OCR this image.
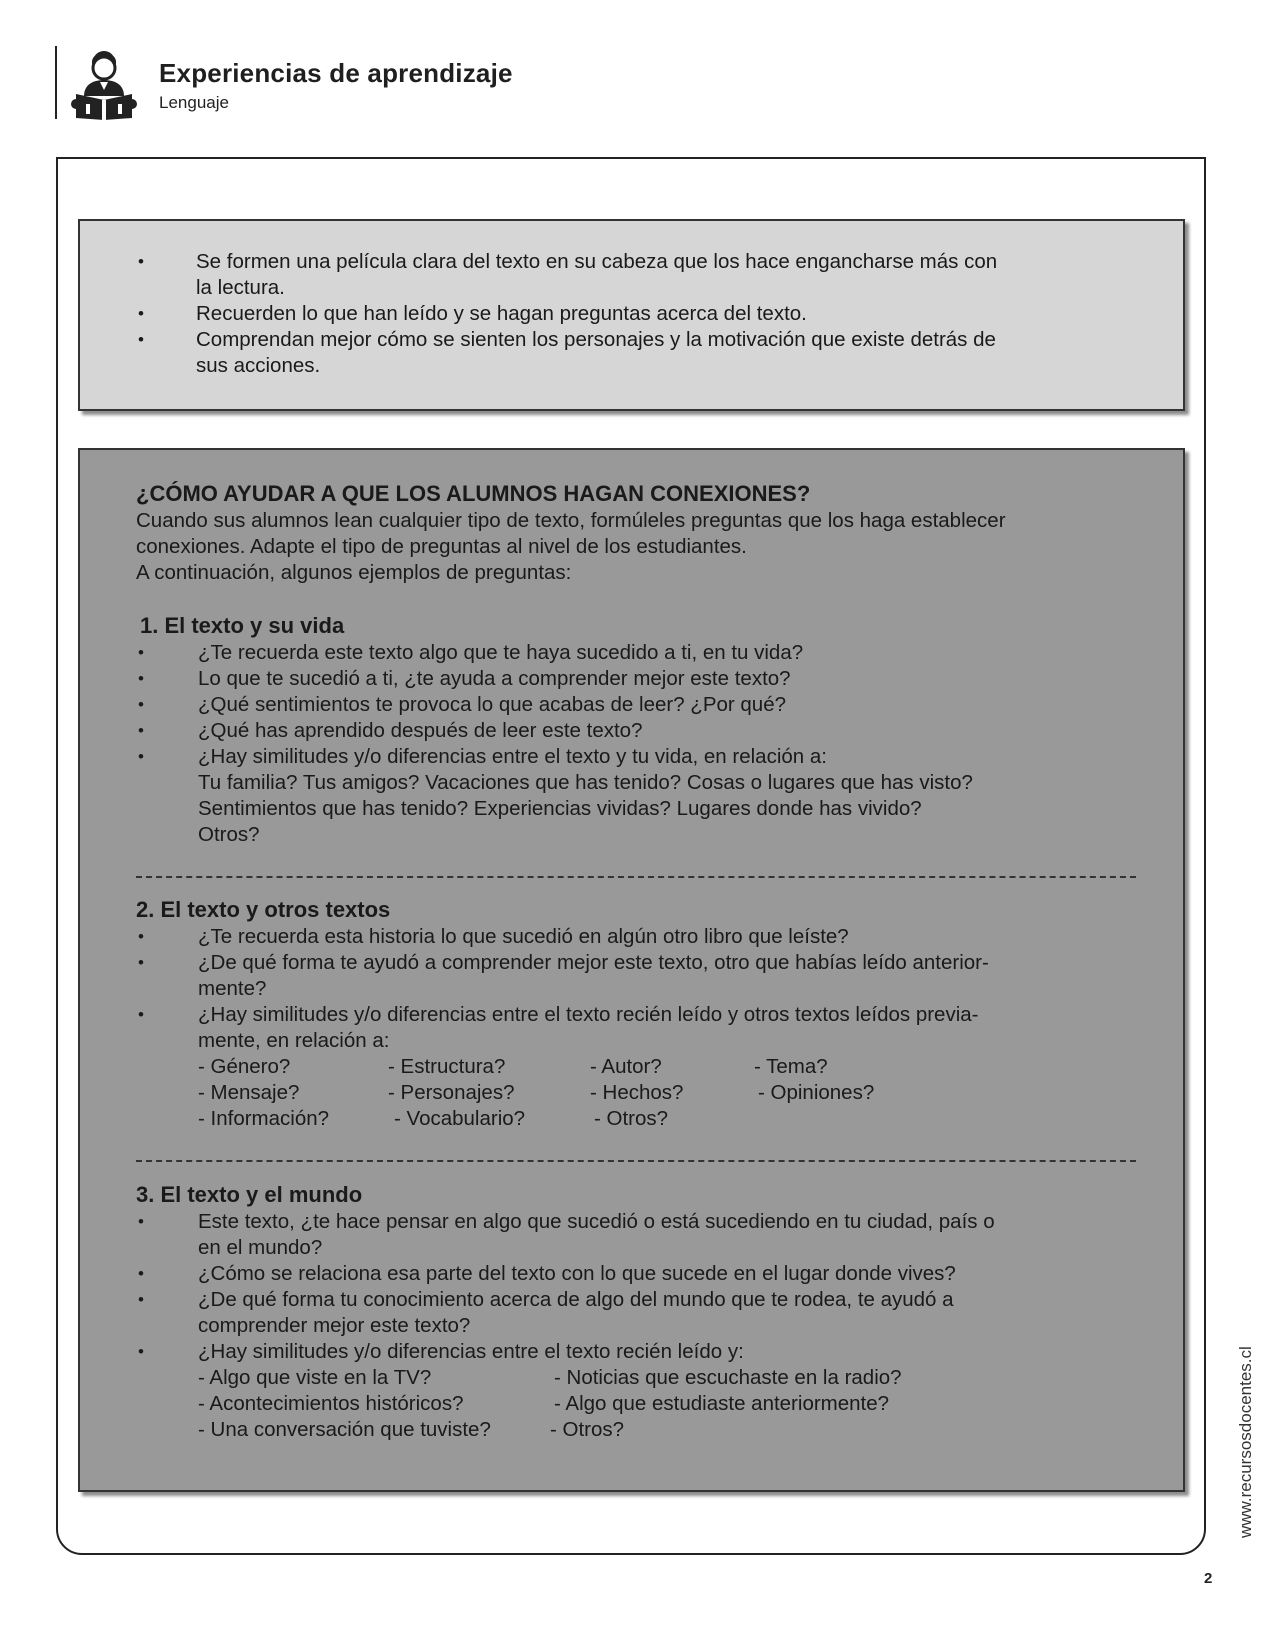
Experiencias de aprendizaje
Lenguaje
•	Se formen una película clara del texto en su cabeza que los hace engancharse más con
la lectura.
•	Recuerden lo que han leído y se hagan preguntas acerca del texto.
•	Comprendan mejor cómo se sienten los personajes y la motivación que existe detrás de
sus acciones.
¿CÓMO AYUDAR A QUE LOS ALUMNOS HAGAN CONEXIONES?
Cuando sus alumnos lean cualquier tipo de texto, formúleles preguntas que los haga establecer
conexiones. Adapte el tipo de preguntas al nivel de los estudiantes.
A continuación, algunos ejemplos de preguntas:
1. El texto y su vida
•	¿Te recuerda este texto algo que te haya sucedido a ti, en tu vida?
•	Lo que te sucedió a ti, ¿te ayuda a comprender mejor este texto?
•	¿Qué sentimientos te provoca lo que acabas de leer? ¿Por qué?
•	¿Qué has aprendido después de leer este texto?
•	¿Hay similitudes y/o diferencias entre el texto y tu vida, en relación a:
Tu familia? Tus amigos? Vacaciones que has tenido? Cosas o lugares que has visto?
Sentimientos que has tenido? Experiencias vividas? Lugares donde has vivido?
Otros?
2. El texto y otros textos
•	¿Te recuerda esta historia lo que sucedió en algún otro libro que leíste?
•	¿De qué forma te ayudó a comprender mejor este texto, otro que habías leído anterior-
mente?
•	¿Hay similitudes y/o diferencias entre el texto recién leído y otros textos leídos previa-
mente, en relación a:
- Género?	- Estructura?	- Autor?	- Tema?
- Mensaje?	- Personajes?	- Hechos?	- Opiniones?
- Información?	- Vocabulario?	- Otros?
3. El texto y el mundo
•	Este texto, ¿te hace pensar en algo que sucedió o está sucediendo en tu ciudad, país o
en el mundo?
•	¿Cómo se relaciona esa parte del texto con lo que sucede en el lugar donde vives?
•	¿De qué forma tu conocimiento acerca de algo del mundo que te rodea, te ayudó a
comprender mejor este texto?
•	¿Hay similitudes y/o diferencias entre el texto recién leído y:
- Algo que viste en la TV?	- Noticias que escuchaste en la radio?
- Acontecimientos históricos?	- Algo que estudiaste anteriormente?
- Una conversación que tuviste?	- Otros?	www.recursosdocentes.cl
2
